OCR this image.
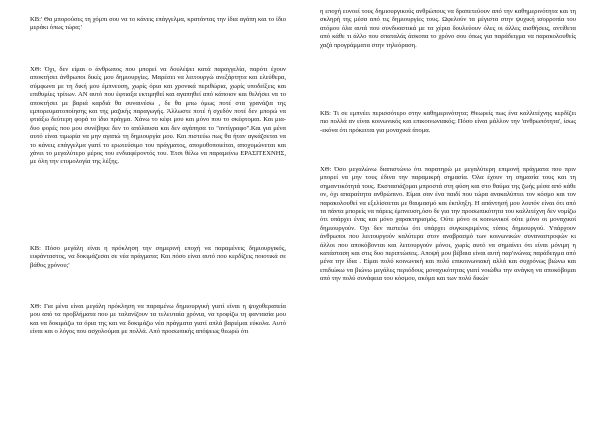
ΚΒ:' Θα μπορούσες τη χόμπι σου να το κάνεις επάγγελμα, κρατάντας την ίδια αγάπη και το ίδιο μεράκι όπως τώρα;'

ΧΘ: Όχι, δεν είμαι ο άνθρωπος που μπορεί να δουλέψει κατά παραγγελία, παρότι έχουν αποκτήσει άνθρωποι δικές μου δημιουργίες. Μαρέσει να λειτουργώ ανεξάρτητα και ελεύθερα, σύμφωνα με τη δική μου έμπνευση, χωρίς όρια και χρονικά περιθώρια, χωρίς υποδείξεις και επιθυμίες τρίτων. ΑΝ αυτό που έφτιαξα εκτιμηθεί και αγαπηθεί από κάποιον και θελήσει να το αποκτήσει με βαριά καρδιά θα συναινέσω , δε θα μπω όμως ποτέ στα γρανάζια της εμπορευματοποίησης και της μαζικής παραγωγής. Άλλωστε ποτέ ή σχεδόν ποτέ δεν μπορώ να φτιάξω δεύτερη φορά το ίδιο πράγμα. Χάνω το κέφι μου και μόνο που το σκέφτομαι. Και μια-δυο φορές που μου συνέβηκε δεν το απόλαυσα και δεν αγάπησα το "αντίγραφο".Και για μένα αυτό είναι τιμωρία να μην αγαπώ τη δημιουργία μου. Και πιστεύω πως θα ήταν αγκάζσεται να το κάνεις επάγγελμα γιατί το ερωτεύσιμο του πράγματος, απομυθοποιείται, αποχυμώνεται και χάνει το μεγαλύτερο μέρος του ενδιαφέροντός του. Έτσι θέλω να παραμείνω ΕΡΑΣΙΤΕΧΝΗΣ, με όλη την ετυμολογία της λέξης.

ΚΒ: Πόσο μεγάλη είναι η πρόκληση την σημερινή εποχή να παραμένεις δημιουργικός, ευφάνταστος, να δοκιμάζεσαι σε νέα πράγματα; Και πόσο είναι αυτό που κερδίζεις ποιοτικά σε βάθος χρόνου;'

ΧΘ: Για μένα είναι μεγάλη πρόκληση να παραμένω δημιουργική γιατί είναι η ψυχοθεραπεία μου από τα προβλήματα που με ταλανίζουν τα τελευταία χρόνια, να τροφίζω τη φαντασία μου και να δοκιμάζω τα όρια της και να δοκιμάζω νέα πράγματα γιατί απλά βαριέμαι εύκολα. Αυτό είναι και ο λόγος που ασχολούμαι με πολλά. Από προσωπικής απόψεως θεωρώ ότι

η εποχή ευνοεί τους δημιουργικούς ανθρώπους να δραπετεύουν από την καθημερινότητα και τη σκληρή της μέσα από τις δημιουργίες τους. Ωφελούν τα μέγιστα στην ψυχική ισορροπία του ατόμου όλα αυτά που συνδυαστικά με τα χέρια δουλεύουν όλες οι άλλες αισθήσεις, αντίθετα από κάθε τι άλλο που σπαταλάς άσκοπα το χρόνο σου όπως για παράδειγμα να παρακολουθείς χαζά προγράμματα στην τηλεόραση.

ΚΒ: Τι σε εμπνέει περισσότερο στην καθημερινότητα; Θεωρείς πως ένα καλλιτέχνης κερδίζει πιο πολλά αν είναι κοινωνικός και επικοινωνιακός; Πόσο είναι μάλλον την 'ανθρωπότητα', ίσως -εκόνα ότι πρόκειται για μοναχικά άτομα.

ΧΘ: Όσο μεγαλώνω διαπιστώνω ότι παρατηρώ με μεγαλύτερη επιμονή πράγματα που πριν μπορεί να μην τους έδινα την παραμικρή σημασία. Όλα έχουν τη σημασία τους και τη σημαντικότητά τους. Εκστασιάζομαι μπροστά στη φύση και στο θαύμα της ζωής μέσα από κάθε ον, όχι απαραίτητα ανθρώπινο. Είμαι σαν ένα παιδί που τώρα ανακαλύπτει τον κόσμο και τον παρακολουθεί να εξελίσσεται με θαυμασμό και έκπληξη. Η απάντησή μου λοιπόν είναι ότι από τα πάντα μπορείς να πάρεις έμπνευση,όσο δε για την προσωπικότητα του καλλιτέχνη δεν νομίζω ότι υπάρχει ένας και μόνο χαρακτηρισμός. Ούτε μόνο οι κοινωνικοί ούτε μόνο οι μοναχικοί δημιουργούν. Όχι δεν πιστεύω ότι υπάρχει συγκεκριμένος τύπος δημιουργού. Υπάρχουν άνθρωποι που λειτουργούν καλύτερα στον αναβρασμό των κοινωνικών συναναστροφών κι άλλοι που αποκόβονται και λειτουργούν μόνοι, χωρίς αυτό να σημαίνει ότι είναι μόνιμη η κατάσταση και στις δυο περιπτώσεις. Αποψή μου βέβαια είναι αυτή παρ'ινώνας παράδειγμα από μένα την ίδια . Είμαι πολύ κοινωνική και πολύ επικοινωνιακή αλλά και συχρόνως βιώνω και επιδιώκω να βιώνω μεγάλες περιόδους μοναχικότητας γιατί νοιώθω την ανάγκη να αποκόβομαι από την πολύ συνάφεια του κόσμου, ακόμα και των πολύ δικών
